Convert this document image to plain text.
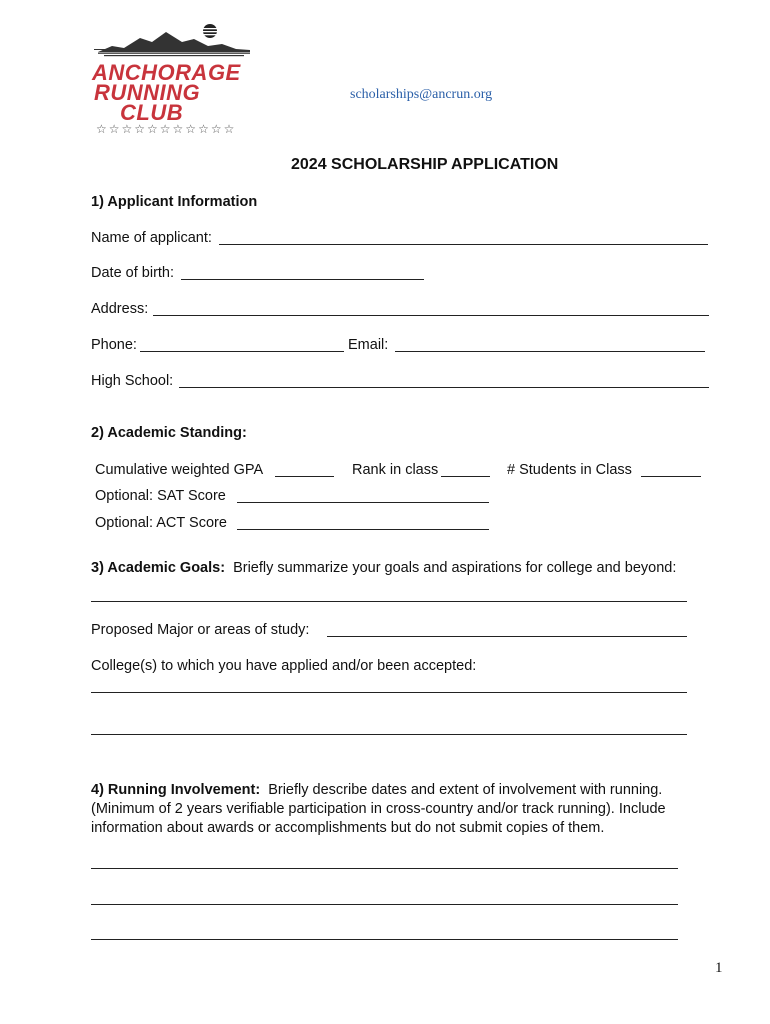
ANCHORAGE
RUNNING
CLUB
☆☆☆☆☆☆☆☆☆☆☆
scholarships@ancrun.org
2024 SCHOLARSHIP APPLICATION
1) Applicant Information
Name of applicant:
Date of birth:
Address:
Phone:	Email:
High School:
2) Academic Standing:
Cumulative weighted GPA	Rank in class	# Students in Class
Optional: SAT Score
Optional: ACT Score
3) Academic Goals: Briefly summarize your goals and aspirations for college and beyond:
Proposed Major or areas of study:
College(s) to which you have applied and/or been accepted:
4) Running Involvement: Briefly describe dates and extent of involvement with running.
(Minimum of 2 years verifiable participation in cross-country and/or track running). Include
information about awards or accomplishments but do not submit copies of them.
1
